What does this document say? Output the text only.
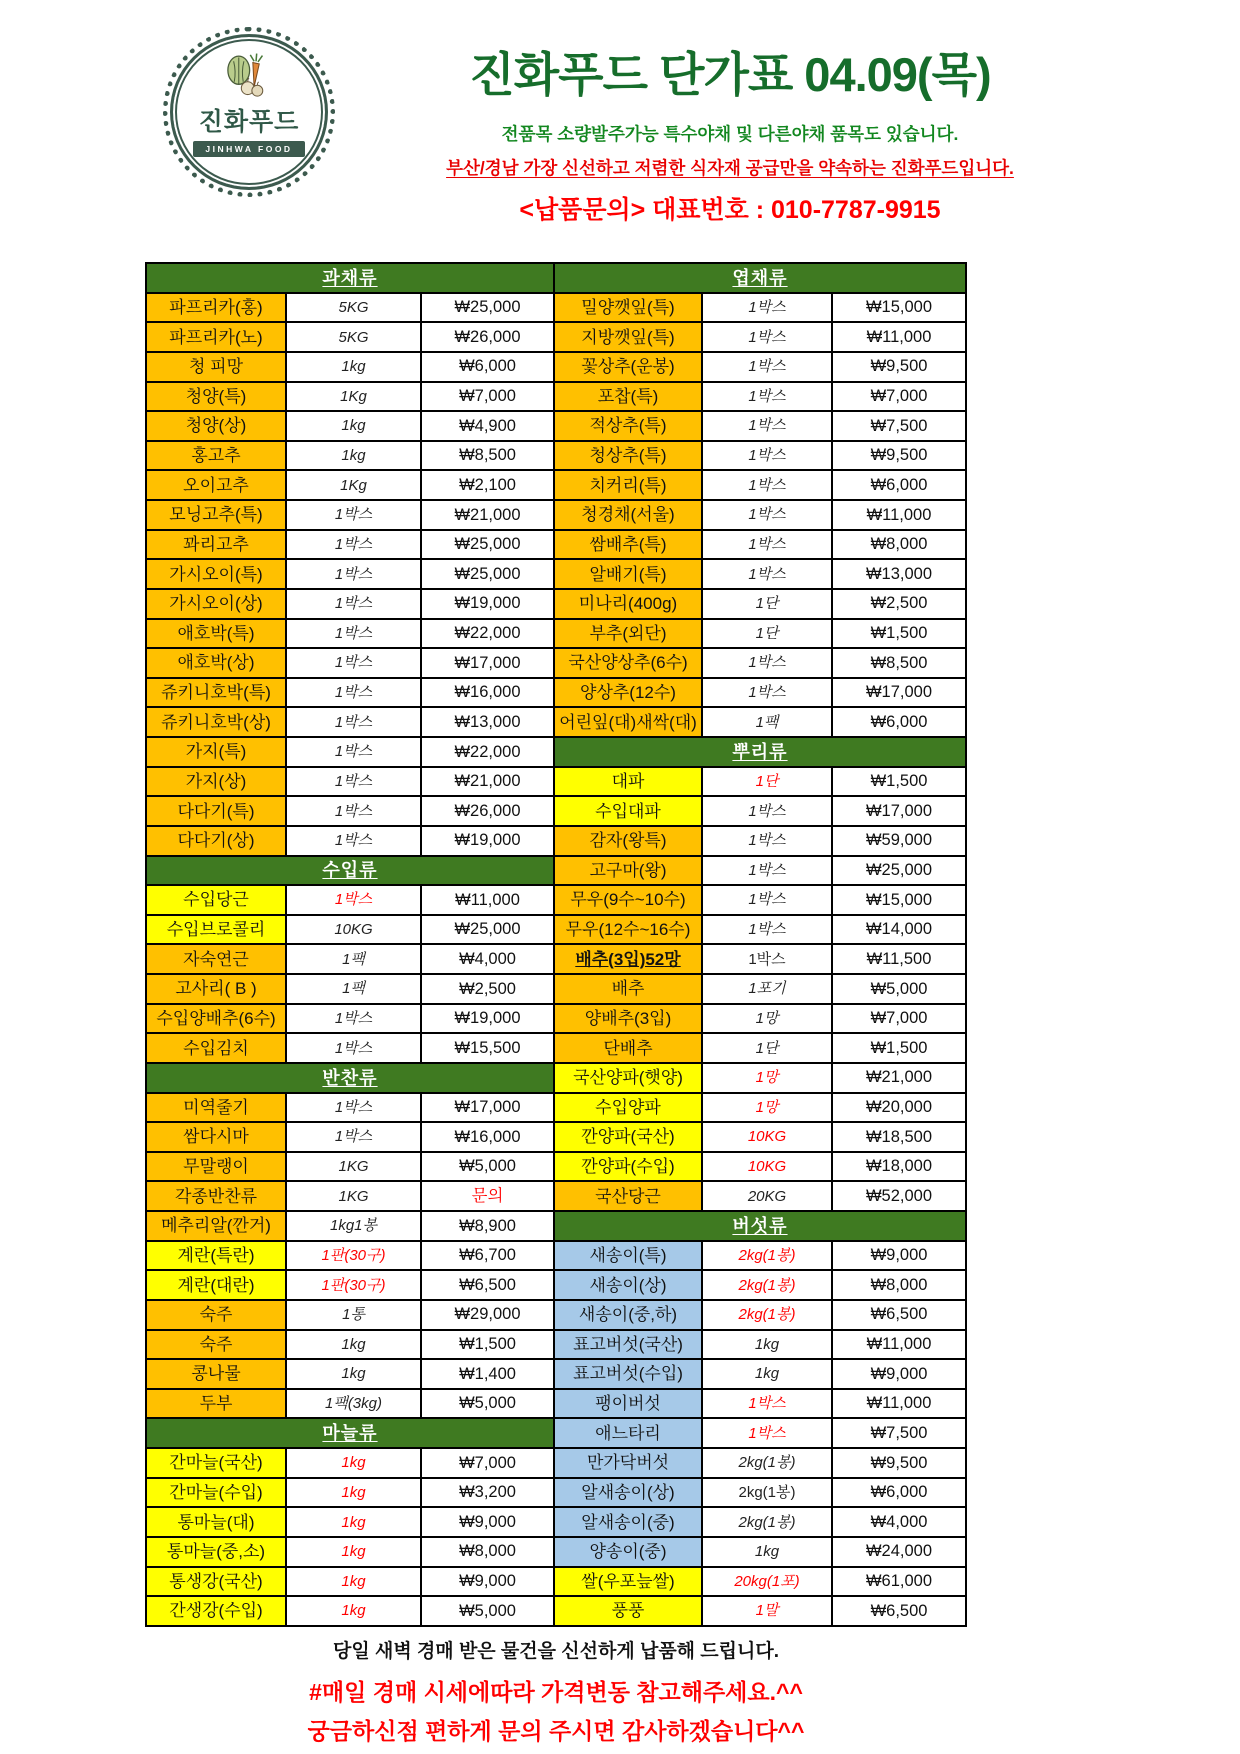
진화푸드
JINHWA FOOD
진화푸드 단가표 04.09(목)

전품목 소량발주가능 특수야채 및 다른야채 품목도 있습니다.

부산/경남 가장 신선하고 저렴한 식자재 공급만을 약속하는 진화푸드입니다.

<납품문의> 대표번호 : 010-7787-9915

과채류	엽채류
파프리카(홍)	5KG	₩25,000	밀양깻잎(특)	1박스	₩15,000
파프리카(노)	5KG	₩26,000	지방깻잎(특)	1박스	₩11,000
청 피망	1kg	₩6,000	꽃상추(운봉)	1박스	₩9,500
청양(특)	1Kg	₩7,000	포찹(특)	1박스	₩7,000
청양(상)	1kg	₩4,900	적상추(특)	1박스	₩7,500
홍고추	1kg	₩8,500	청상추(특)	1박스	₩9,500
오이고추	1Kg	₩2,100	치커리(특)	1박스	₩6,000
모닝고추(특)	1박스	₩21,000	청경채(서울)	1박스	₩11,000
꽈리고추	1박스	₩25,000	쌈배추(특)	1박스	₩8,000
가시오이(특)	1박스	₩25,000	알배기(특)	1박스	₩13,000
가시오이(상)	1박스	₩19,000	미나리(400g)	1단	₩2,500
애호박(특)	1박스	₩22,000	부추(외단)	1단	₩1,500
애호박(상)	1박스	₩17,000	국산양상추(6수)	1박스	₩8,500
쥬키니호박(특)	1박스	₩16,000	양상추(12수)	1박스	₩17,000
쥬키니호박(상)	1박스	₩13,000	어린잎(대)새싹(대)	1팩	₩6,000
가지(특)	1박스	₩22,000	뿌리류
가지(상)	1박스	₩21,000	대파	1단	₩1,500
다다기(특)	1박스	₩26,000	수입대파	1박스	₩17,000
다다기(상)	1박스	₩19,000	감자(왕특)	1박스	₩59,000
수입류	고구마(왕)	1박스	₩25,000
수입당근	1박스	₩11,000	무우(9수~10수)	1박스	₩15,000
수입브로콜리	10KG	₩25,000	무우(12수~16수)	1박스	₩14,000
자숙연근	1팩	₩4,000	배추(3입)52망	1박스	₩11,500
고사리( B )	1팩	₩2,500	배추	1포기	₩5,000
수입양배추(6수)	1박스	₩19,000	양배추(3입)	1망	₩7,000
수입김치	1박스	₩15,500	단배추	1단	₩1,500
반찬류	국산양파(햇양)	1망	₩21,000
미역줄기	1박스	₩17,000	수입양파	1망	₩20,000
쌈다시마	1박스	₩16,000	깐양파(국산)	10KG	₩18,500
무말랭이	1KG	₩5,000	깐양파(수입)	10KG	₩18,000
각종반찬류	1KG	문의	국산당근	20KG	₩52,000
메추리알(깐거)	1kg1봉	₩8,900	버섯류
계란(특란)	1판(30구)	₩6,700	새송이(특)	2kg(1봉)	₩9,000
계란(대란)	1판(30구)	₩6,500	새송이(상)	2kg(1봉)	₩8,000
숙주	1통	₩29,000	새송이(중,하)	2kg(1봉)	₩6,500
숙주	1kg	₩1,500	표고버섯(국산)	1kg	₩11,000
콩나물	1kg	₩1,400	표고버섯(수입)	1kg	₩9,000
두부	1팩(3kg)	₩5,000	팽이버섯	1박스	₩11,000
마늘류	애느타리	1박스	₩7,500
간마늘(국산)	1kg	₩7,000	만가닥버섯	2kg(1봉)	₩9,500
간마늘(수입)	1kg	₩3,200	알새송이(상)	2kg(1봉)	₩6,000
통마늘(대)	1kg	₩9,000	알새송이(중)	2kg(1봉)	₩4,000
통마늘(중,소)	1kg	₩8,000	양송이(중)	1kg	₩24,000
통생강(국산)	1kg	₩9,000	쌀(우포늪쌀)	20kg(1포)	₩61,000
간생강(수입)	1kg	₩5,000	풍풍	1말	₩6,500

당일 새벽 경매 받은 물건을 신선하게 납품해 드립니다.

#매일 경매 시세에따라 가격변동 참고해주세요.^^

궁금하신점 편하게 문의 주시면 감사하겠습니다^^
